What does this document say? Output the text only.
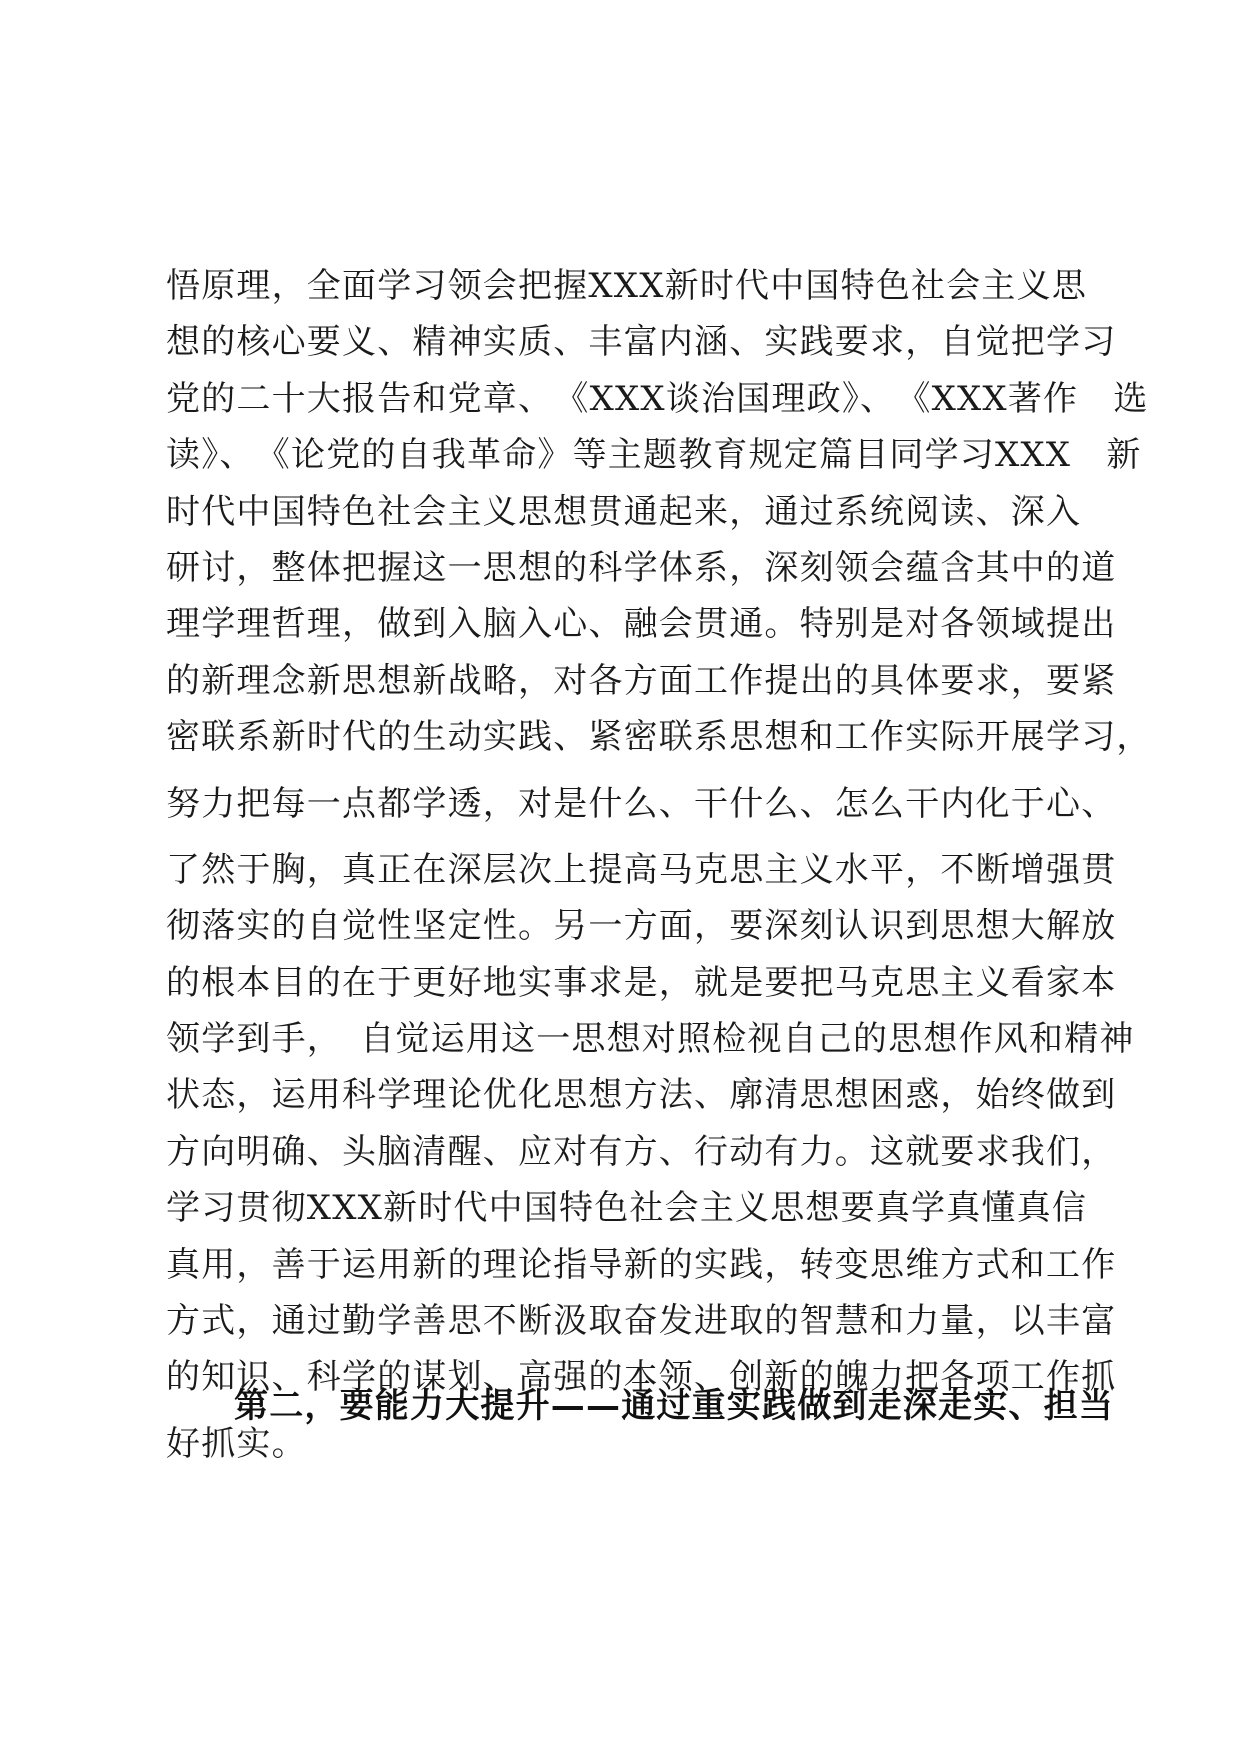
悟原理，全面学习领会把握XXX新时代中国特色社会主义思
想的核心要义、精神实质、丰富内涵、实践要求，自觉把学习
党的二十大报告和党章、　《XXX谈治国理政》、　《XXX著作　选
读》、　《论党的自我革命》等主题教育规定篇目同学习XXX　新
时代中国特色社会主义思想贯通起来，通过系统阅读、深入
研讨，整体把握这一思想的科学体系，深刻领会蕴含其中的道
理学理哲理，做到入脑入心、融会贯通。特别是对各领域提出
的新理念新思想新战略，对各方面工作提出的具体要求，要紧
密联系新时代的生动实践、紧密联系思想和工作实际开展学习，
努力把每一点都学透，对是什么、干什么、怎么干内化于心、
了然于胸，真正在深层次上提高马克思主义水平，不断增强贯
彻落实的自觉性坚定性。另一方面，要深刻认识到思想大解放
的根本目的在于更好地实事求是，就是要把马克思主义看家本
领学到手，　自觉运用这一思想对照检视自己的思想作风和精神
状态，运用科学理论优化思想方法、廓清思想困惑，始终做到
方向明确、头脑清醒、应对有方、行动有力。这就要求我们，
学习贯彻XXX新时代中国特色社会主义思想要真学真懂真信
真用，善于运用新的理论指导新的实践，转变思维方式和工作
方式，通过勤学善思不断汲取奋发进取的智慧和力量，以丰富
的知识、科学的谋划、高强的本领、创新的魄力把各项工作抓
好抓实。
第二，要能力大提升——通过重实践做到走深走实、担当
